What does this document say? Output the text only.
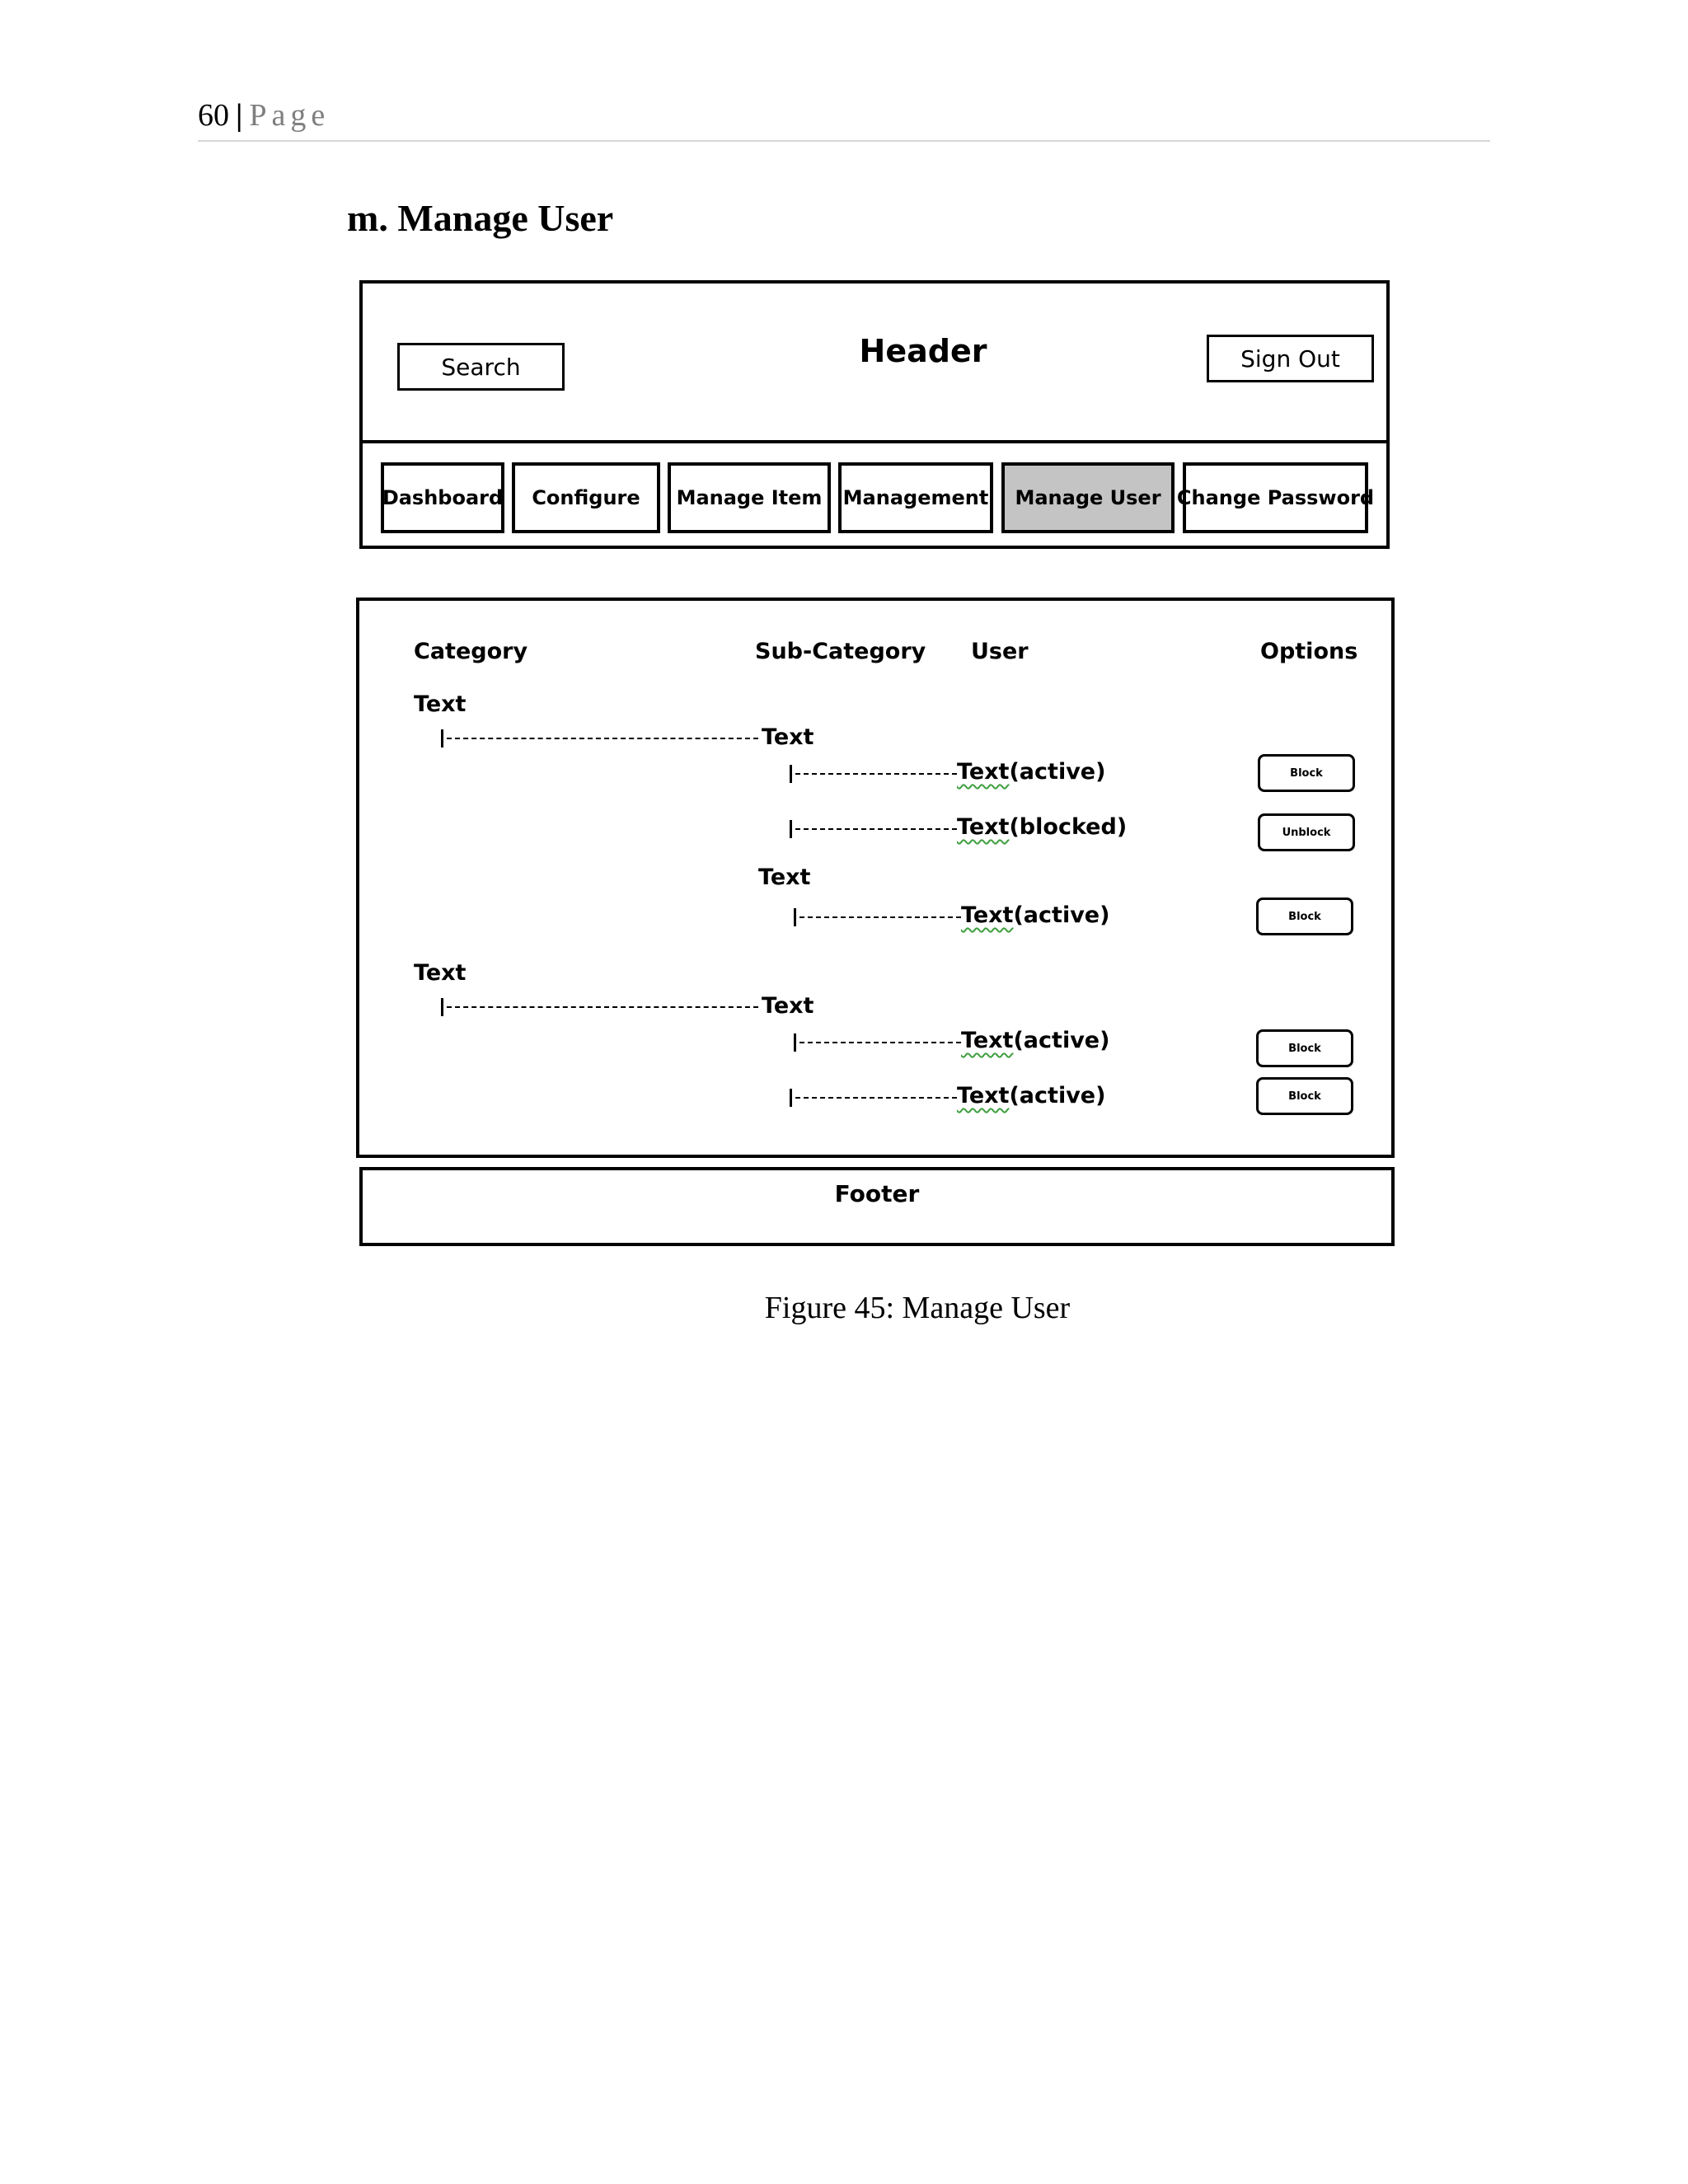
60 | Page
m. Manage User
Search	Header	Sign Out
Dashboard	Configure	Manage Item	Management	Manage User Change Password
Category	Sub-Category User	Options
Text
Text
Text(active)	Block
Text(blocked)	Unblock
Text
Text(active)	Block
Text
Text
Text(active)	Block
Text(active)	Block
Footer
Figure 45: Manage User
